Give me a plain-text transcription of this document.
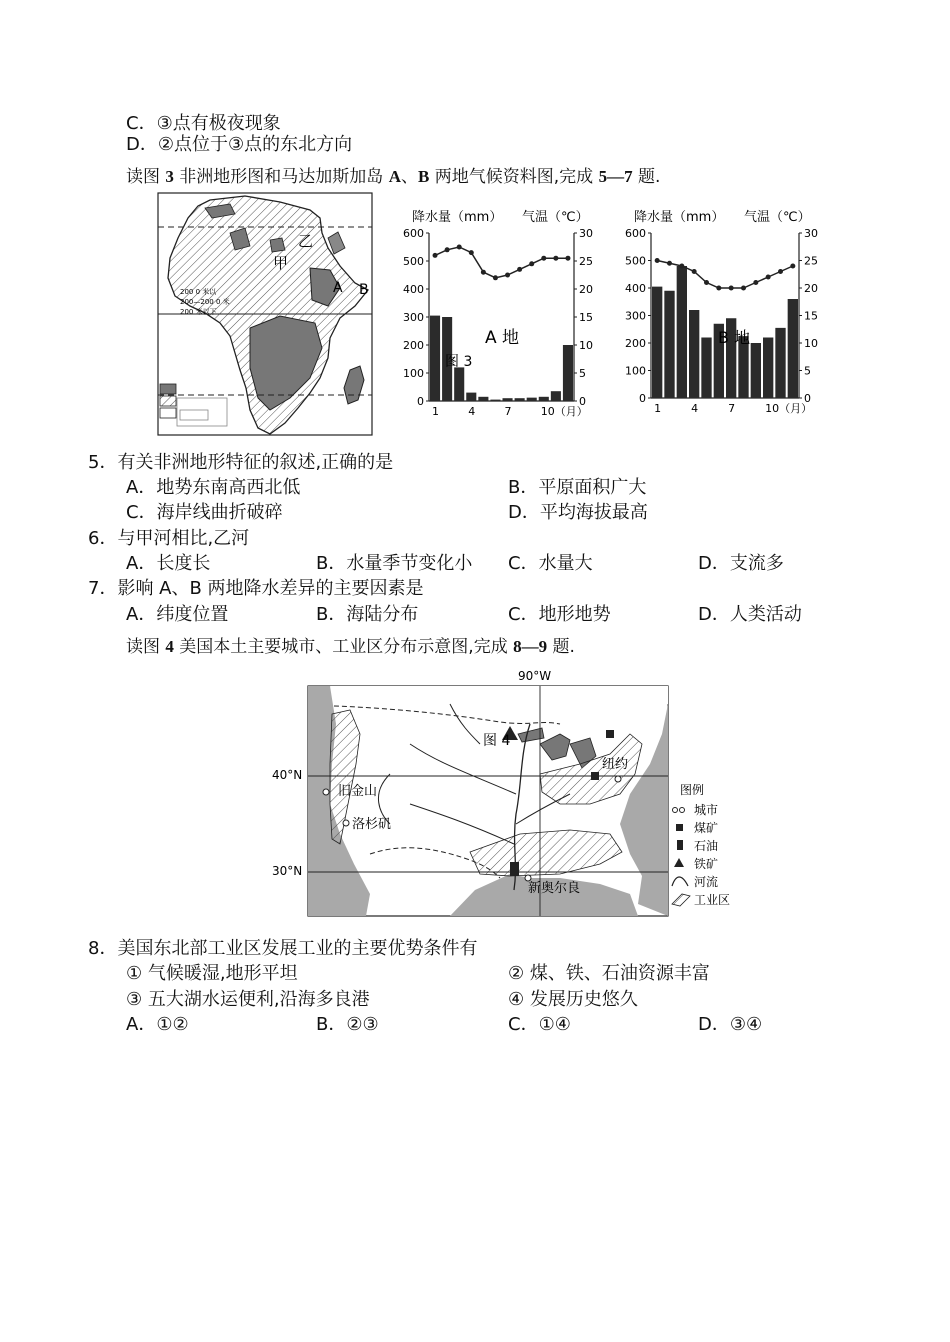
C．③点有极夜现象
D．②点位于③点的东北方向
读图 3 非洲地形图和马达加斯加岛 A、B 两地气候资料图,完成 5—7 题.
乙
甲
A B
200 0 米以
200—200 0 米
200 米以下
降水量（mm） 气温（℃）
600
500
400
300
200
100
0
30
25
20
15
10
5
0
1	4	7	10（月）
A 地
图 3
降水量（mm） 气温（℃）
600
500
400
300
200
100
0
30
25
20
15
10
5
0
1	4	7	10（月）
B 地
5．有关非洲地形特征的叙述,正确的是
A．地势东南高西北低	B．平原面积广大
C．海岸线曲折破碎	D．平均海拔最高
6．与甲河相比,乙河
A．长度长	B．水量季节变化小 C．水量大	D．支流多
7．影响 A、B 两地降水差异的主要因素是
A．纬度位置	B．海陆分布	C．地形地势	D．人类活动
读图 4 美国本土主要城市、工业区分布示意图,完成 8—9 题.
90°W
40°N
30°N
旧金山
洛杉矶
纽约
新奥尔良
图 4
图例
城市
煤矿
石油
铁矿
河流
工业区
8．美国东北部工业区发展工业的主要优势条件有
① 气候暖湿,地形平坦	② 煤、铁、石油资源丰富
③ 五大湖水运便利,沿海多良港	④ 发展历史悠久
A．①②	B．②③	C．①④	D．③④
